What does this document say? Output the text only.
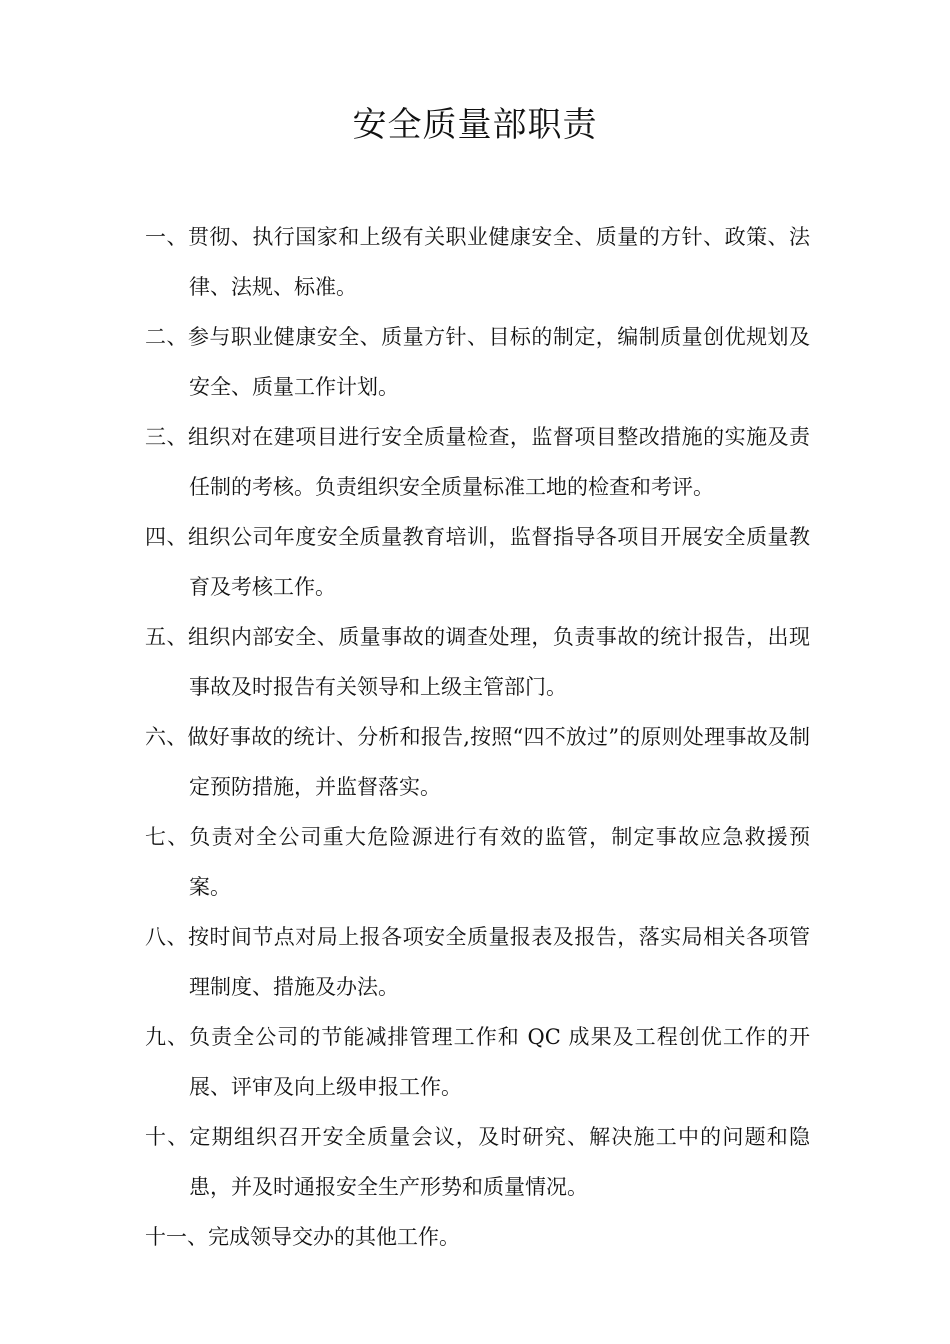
安全质量部职责
一、贯彻、执行国家和上级有关职业健康安全、质量的方针、政策、法律、法规、标准。
二、参与职业健康安全、质量方针、目标的制定，编制质量创优规划及安全、质量工作计划。
三、组织对在建项目进行安全质量检查，监督项目整改措施的实施及责任制的考核。负责组织安全质量标准工地的检查和考评。
四、组织公司年度安全质量教育培训，监督指导各项目开展安全质量教育及考核工作。
五、组织内部安全、质量事故的调查处理，负责事故的统计报告，出现事故及时报告有关领导和上级主管部门。
六、做好事故的统计、分析和报告,按照“四不放过”的原则处理事故及制定预防措施，并监督落实。
七、负责对全公司重大危险源进行有效的监管，制定事故应急救援预案。
八、按时间节点对局上报各项安全质量报表及报告，落实局相关各项管理制度、措施及办法。
九、负责全公司的节能减排管理工作和 QC 成果及工程创优工作的开展、评审及向上级申报工作。
十、定期组织召开安全质量会议，及时研究、解决施工中的问题和隐患，并及时通报安全生产形势和质量情况。
十一、完成领导交办的其他工作。
